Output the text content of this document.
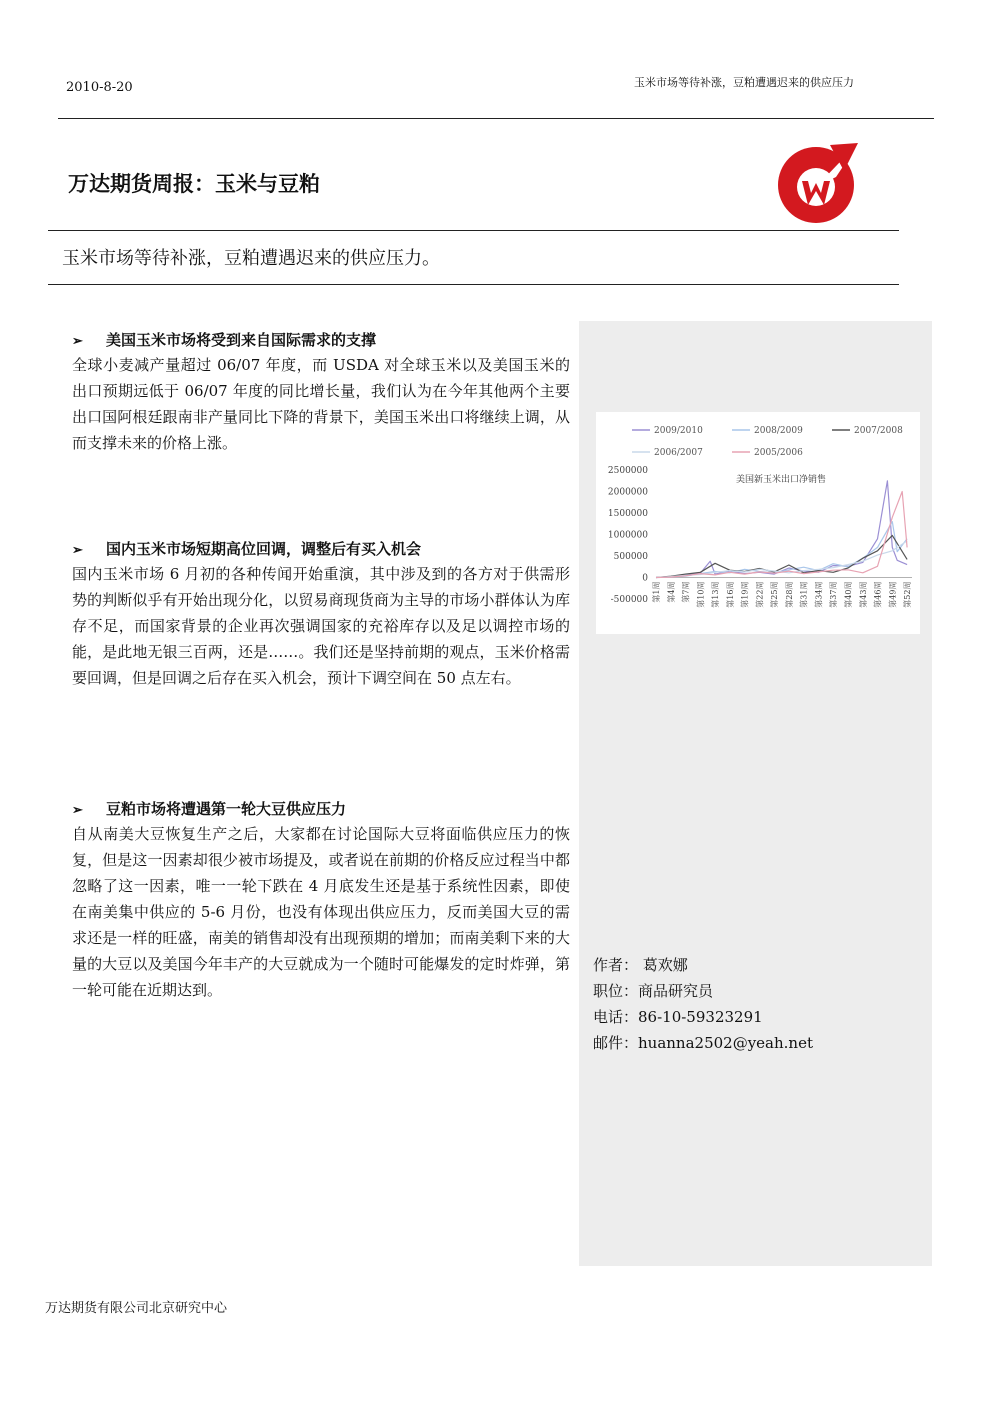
2010-8-20	玉米市场等待补涨，豆粕遭遇迟来的供应压力
万达期货周报：玉米与豆粕
玉米市场等待补涨，豆粕遭遇迟来的供应压力。
2009/2010	2008/2009	2007/2008
2006/2007	2005/2006
美国新玉米出口净销售
2500000
2000000
1500000
1000000
500000
0
-500000 第1周 第4周 第7周 第10周 第13周 第16周 第19周 第22周 第25周 第28周 第31周 第34周 第37周 第40周 第43周 第46周 第49周 第52周
➢ 美国玉米市场将受到来自国际需求的支撑
全球小麦减产量超过 06/07 年度，而 USDA 对全球玉米以及美国玉米的出口预期远低于 06/07 年度的同比增长量，我们认为在今年其他两个主要出口国阿根廷跟南非产量同比下降的背景下，美国玉米出口将继续上调，从而支撑未来的价格上涨。
➢ 国内玉米市场短期高位回调，调整后有买入机会
国内玉米市场 6 月初的各种传闻开始重演，其中涉及到的各方对于供需形势的判断似乎有开始出现分化，以贸易商现货商为主导的市场小群体认为库存不足，而国家背景的企业再次强调国家的充裕库存以及足以调控市场的能，是此地无银三百两，还是……。我们还是坚持前期的观点，玉米价格需要回调，但是回调之后存在买入机会，预计下调空间在 50 点左右。
➢ 豆粕市场将遭遇第一轮大豆供应压力
自从南美大豆恢复生产之后，大家都在讨论国际大豆将面临供应压力的恢复，但是这一因素却很少被市场提及，或者说在前期的价格反应过程当中都忽略了这一因素，唯一一轮下跌在 4 月底发生还是基于系统性因素，即使在南美集中供应的 5-6 月份，也没有体现出供应压力，反而美国大豆的需求还是一样的旺盛，南美的销售却没有出现预期的增加；而南美剩下来的大量的大豆以及美国今年丰产的大豆就成为一个随时可能爆发的定时炸弹，第一轮可能在近期达到。
作者： 葛欢娜
职位：商品研究员
电话：86-10-59323291
邮件：huanna2502@yeah.net
万达期货有限公司北京研究中心
